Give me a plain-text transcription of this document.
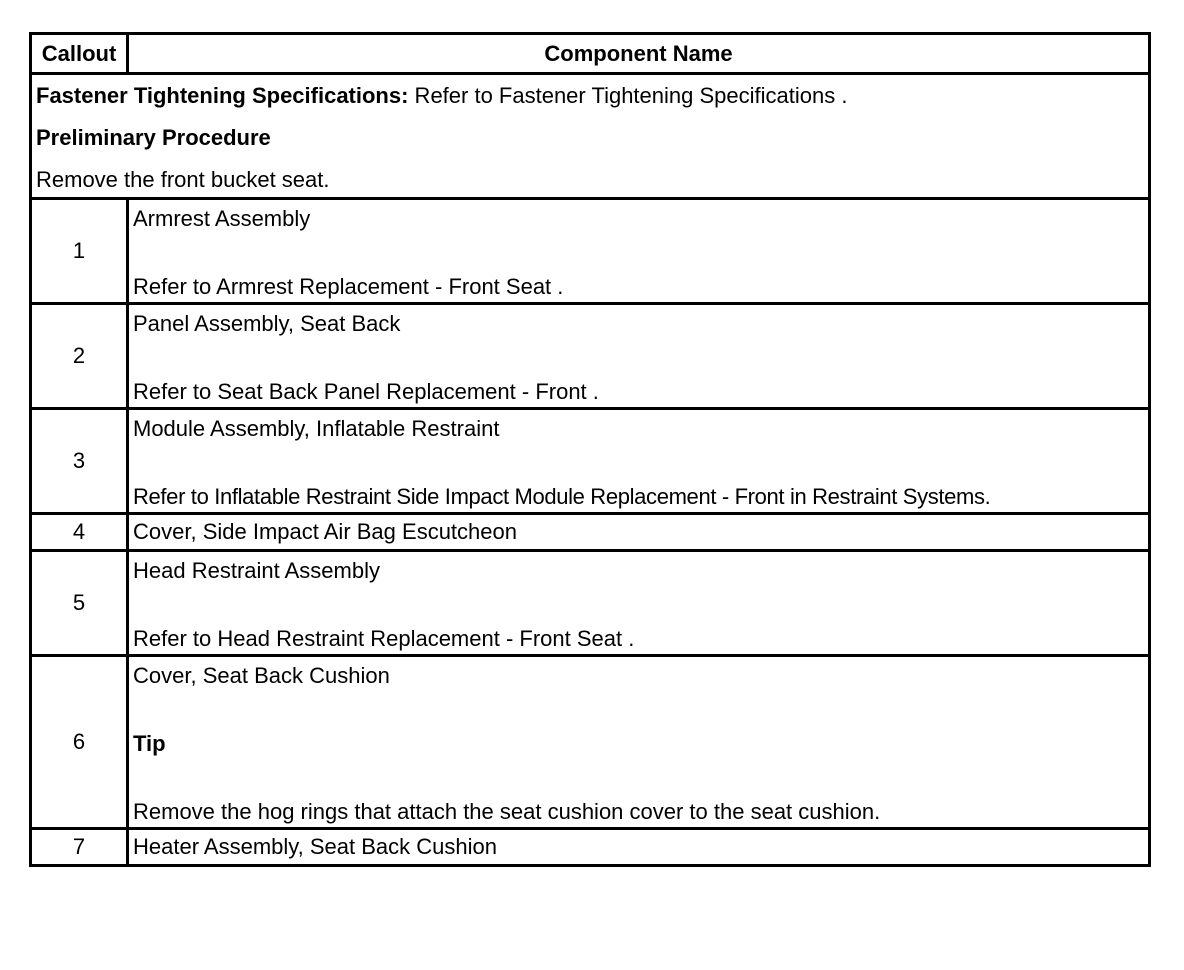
Callout	Component Name

Fastener Tightening Specifications: Refer to Fastener Tightening Specifications .
Preliminary Procedure
Remove the front bucket seat.	

1	Armrest Assembly
Refer to Armrest Replacement - Front Seat .

2	Panel Assembly, Seat Back
Refer to Seat Back Panel Replacement - Front .

3	Module Assembly, Inflatable Restraint
Refer to Inflatable Restraint Side Impact Module Replacement - Front in Restraint Systems.

4	Cover, Side Impact Air Bag Escutcheon

5	Head Restraint Assembly
Refer to Head Restraint Replacement - Front Seat .

6	Cover, Seat Back Cushion
Tip
Remove the hog rings that attach the seat cushion cover to the seat cushion.

7	Heater Assembly, Seat Back Cushion
